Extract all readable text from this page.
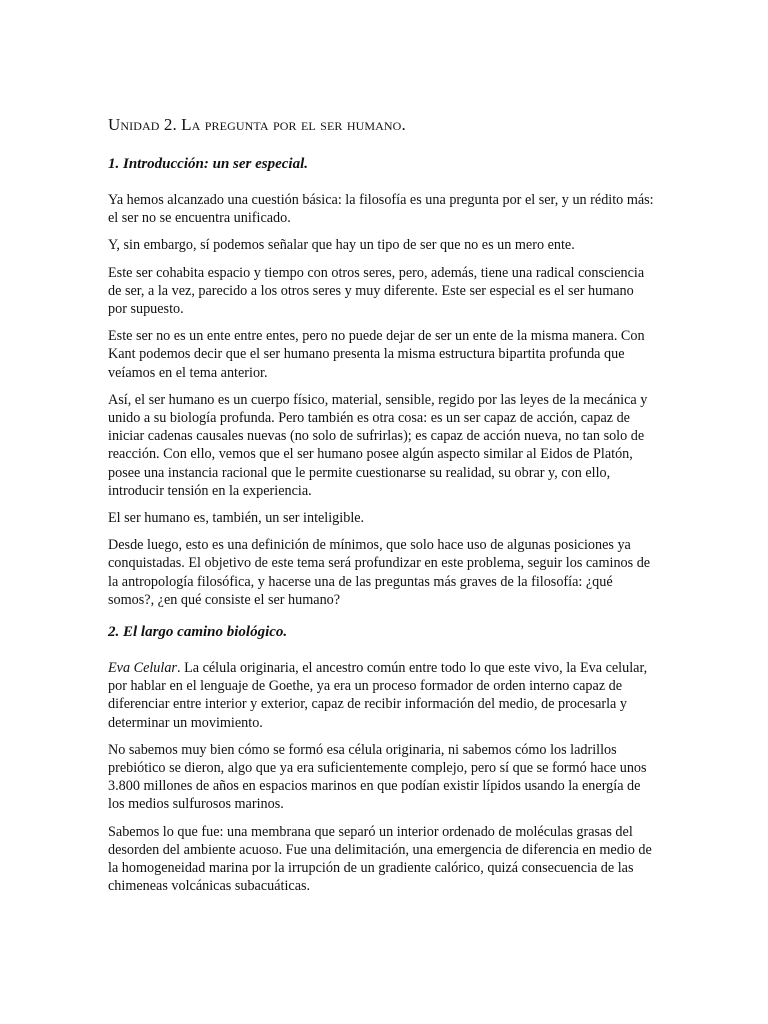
Unidad 2. La pregunta por el ser humano.
1. Introducción: un ser especial.

Ya hemos alcanzado una cuestión básica: la filosofía es una pregunta por el ser, y un rédito más: el ser no se encuentra unificado.

Y, sin embargo, sí podemos señalar que hay un tipo de ser que no es un mero ente.

Este ser cohabita espacio y tiempo con otros seres, pero, además, tiene una radical consciencia de ser, a la vez, parecido a los otros seres y muy diferente. Este ser especial es el ser humano por supuesto.

Este ser no es un ente entre entes, pero no puede dejar de ser un ente de la misma manera. Con Kant podemos decir que el ser humano presenta la misma estructura bipartita profunda que veíamos en el tema anterior.

Así, el ser humano es un cuerpo físico, material, sensible, regido por las leyes de la mecánica y unido a su biología profunda. Pero también es otra cosa: es un ser capaz de acción, capaz de iniciar cadenas causales nuevas (no solo de sufrirlas); es capaz de acción nueva, no tan solo de reacción. Con ello, vemos que el ser humano posee algún aspecto similar al Eidos de Platón, posee una instancia racional que le permite cuestionarse su realidad, su obrar y, con ello, introducir tensión en la experiencia.

El ser humano es, también, un ser inteligible.

Desde luego, esto es una definición de mínimos, que solo hace uso de algunas posiciones ya conquistadas. El objetivo de este tema será profundizar en este problema, seguir los caminos de la antropología filosófica, y hacerse una de las preguntas más graves de la filosofía: ¿qué somos?, ¿en qué consiste el ser humano?

2. El largo camino biológico.

Eva Celular. La célula originaria, el ancestro común entre todo lo que este vivo, la Eva celular, por hablar en el lenguaje de Goethe, ya era un proceso formador de orden interno capaz de diferenciar entre interior y exterior, capaz de recibir información del medio, de procesarla y determinar un movimiento.

No sabemos muy bien cómo se formó esa célula originaria, ni sabemos cómo los ladrillos prebiótico se dieron, algo que ya era suficientemente complejo, pero sí que se formó hace unos 3.800 millones de años en espacios marinos en que podían existir lípidos usando la energía de los medios sulfurosos marinos.

Sabemos lo que fue: una membrana que separó un interior ordenado de moléculas grasas del desorden del ambiente acuoso. Fue una delimitación, una emergencia de diferencia en medio de la homogeneidad marina por la irrupción de un gradiente calórico, quizá consecuencia de las chimeneas volcánicas subacuáticas.
